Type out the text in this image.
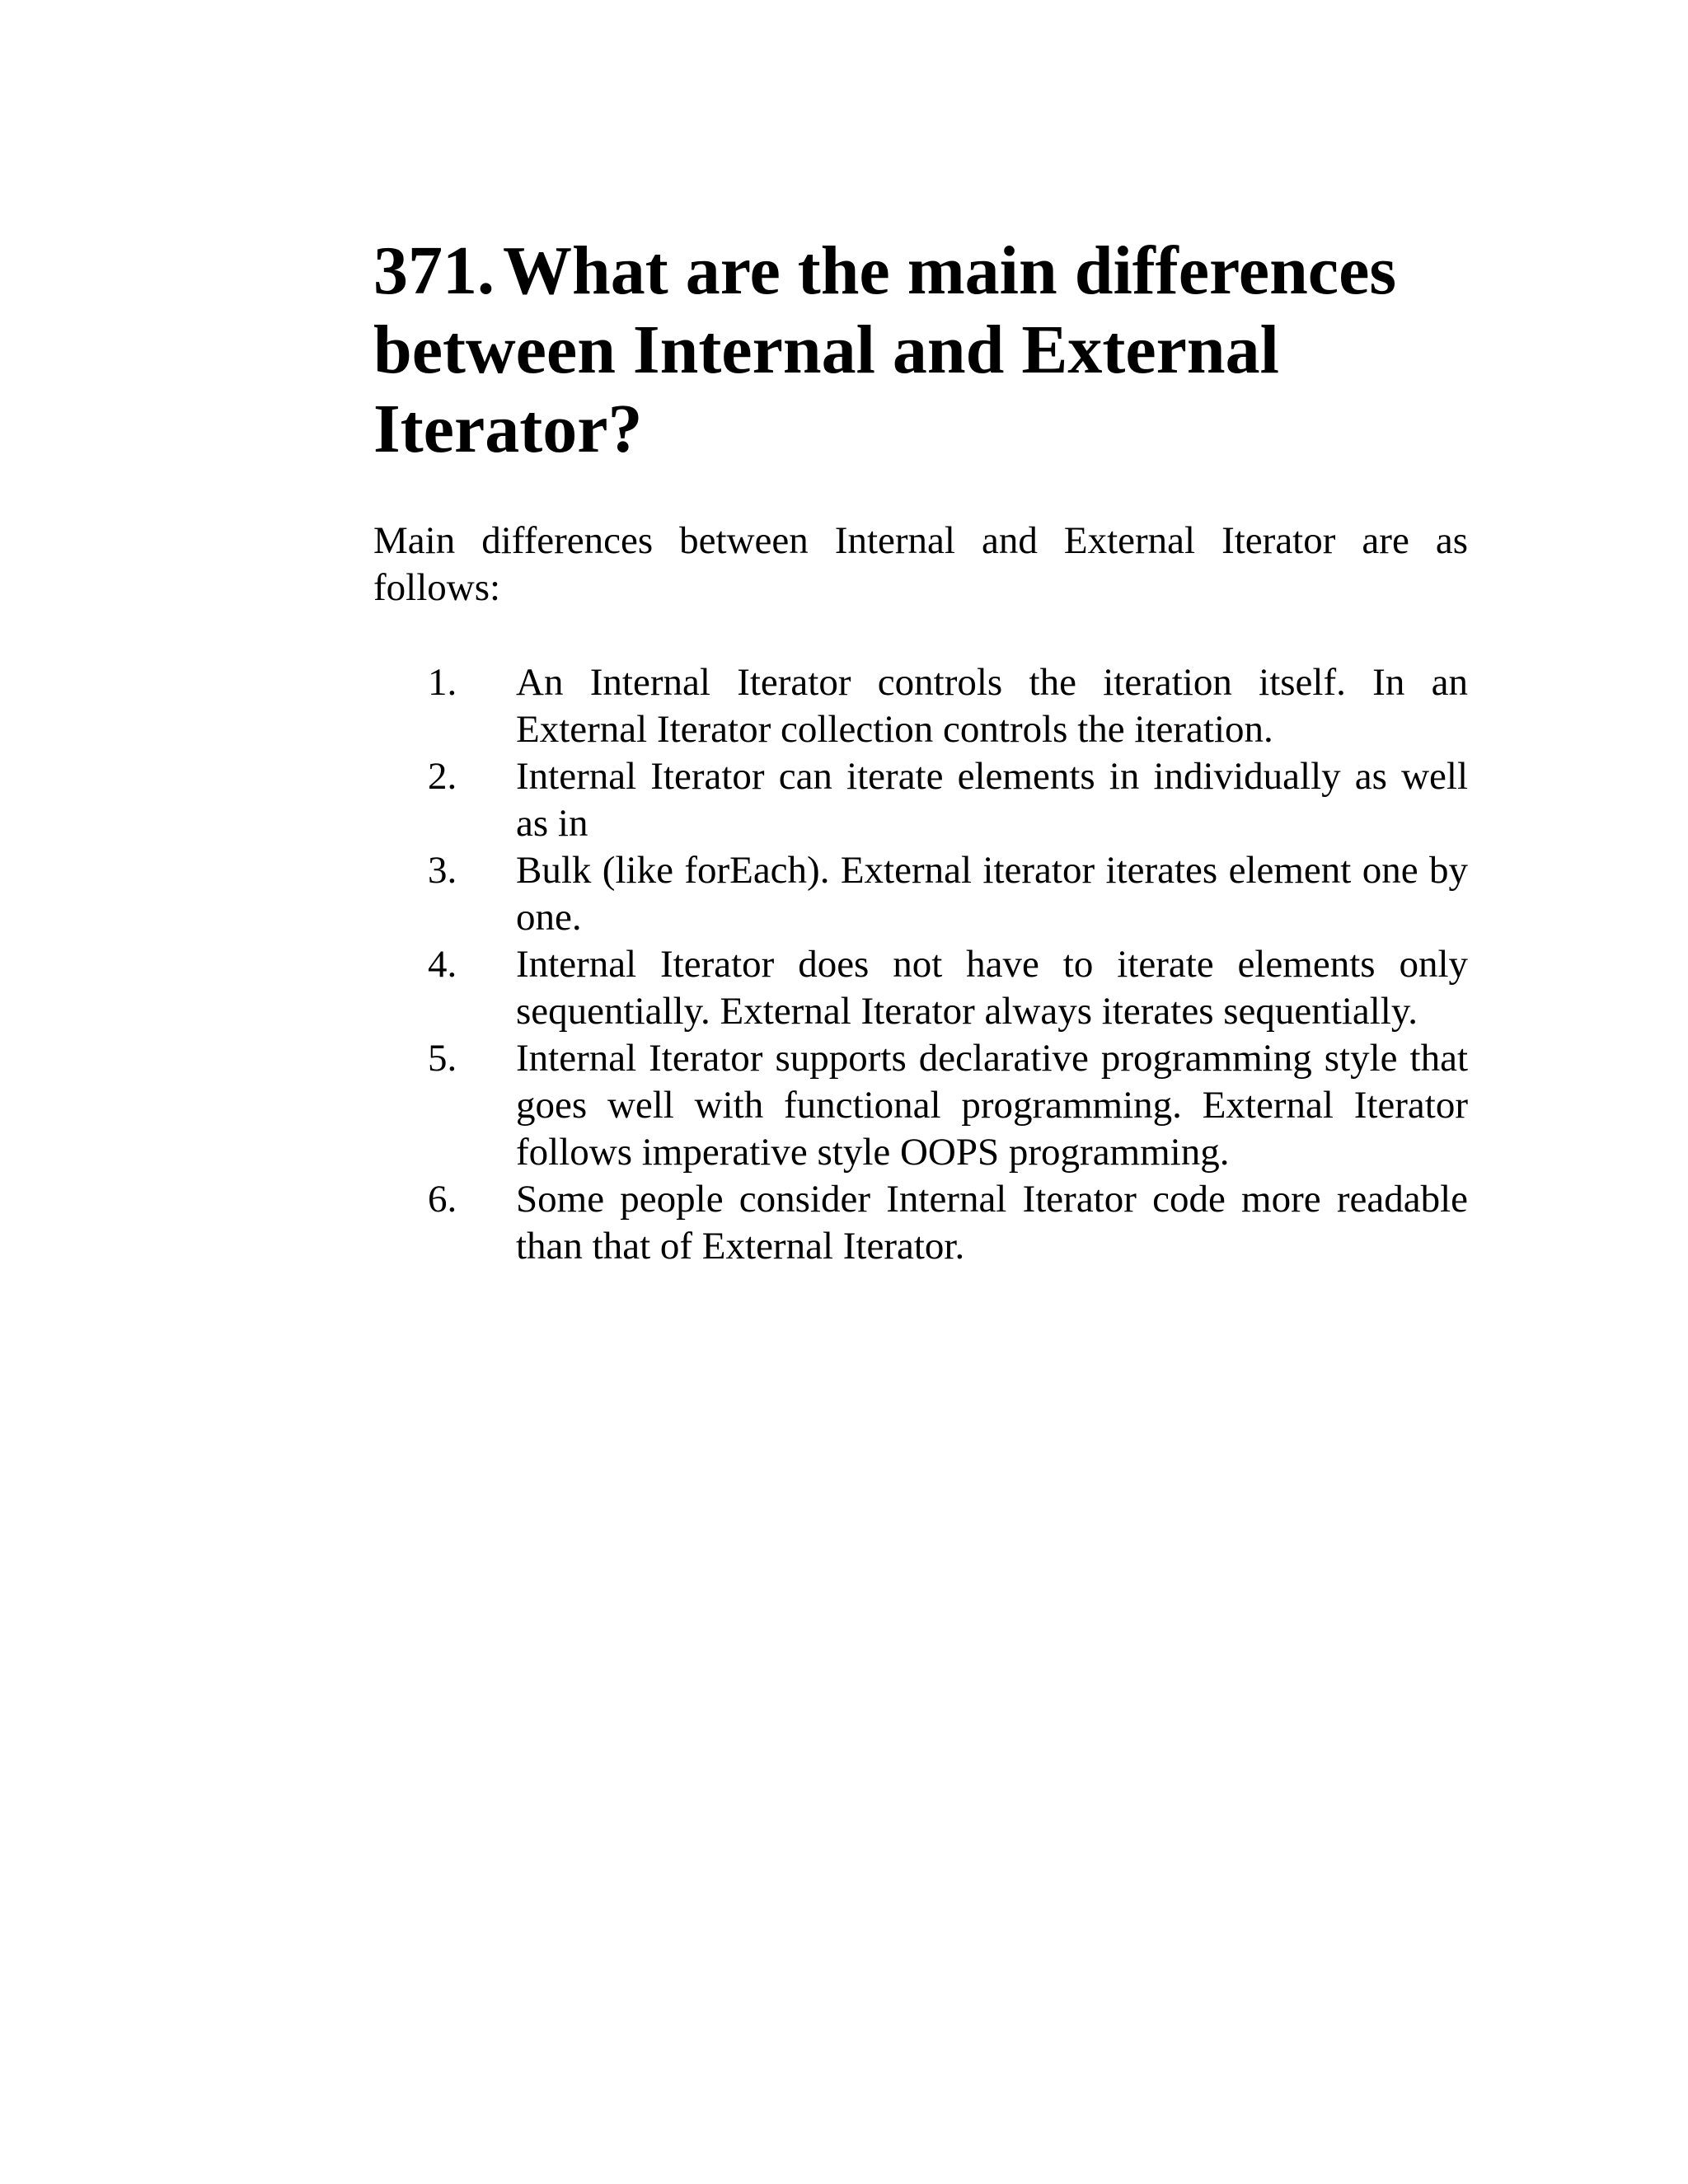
371. What are the main differences between Internal and External Iterator?

Main differences between Internal and External Iterator are as follows:

1. An Internal Iterator controls the iteration itself. In an External Iterator collection controls the iteration.
2. Internal Iterator can iterate elements in individually as well as in
3. Bulk (like forEach). External iterator iterates element one by one.
4. Internal Iterator does not have to iterate elements only sequentially. External Iterator always iterates sequentially.
5. Internal Iterator supports declarative programming style that goes well with functional programming. External Iterator follows imperative style OOPS programming.
6. Some people consider Internal Iterator code more readable than that of External Iterator.
